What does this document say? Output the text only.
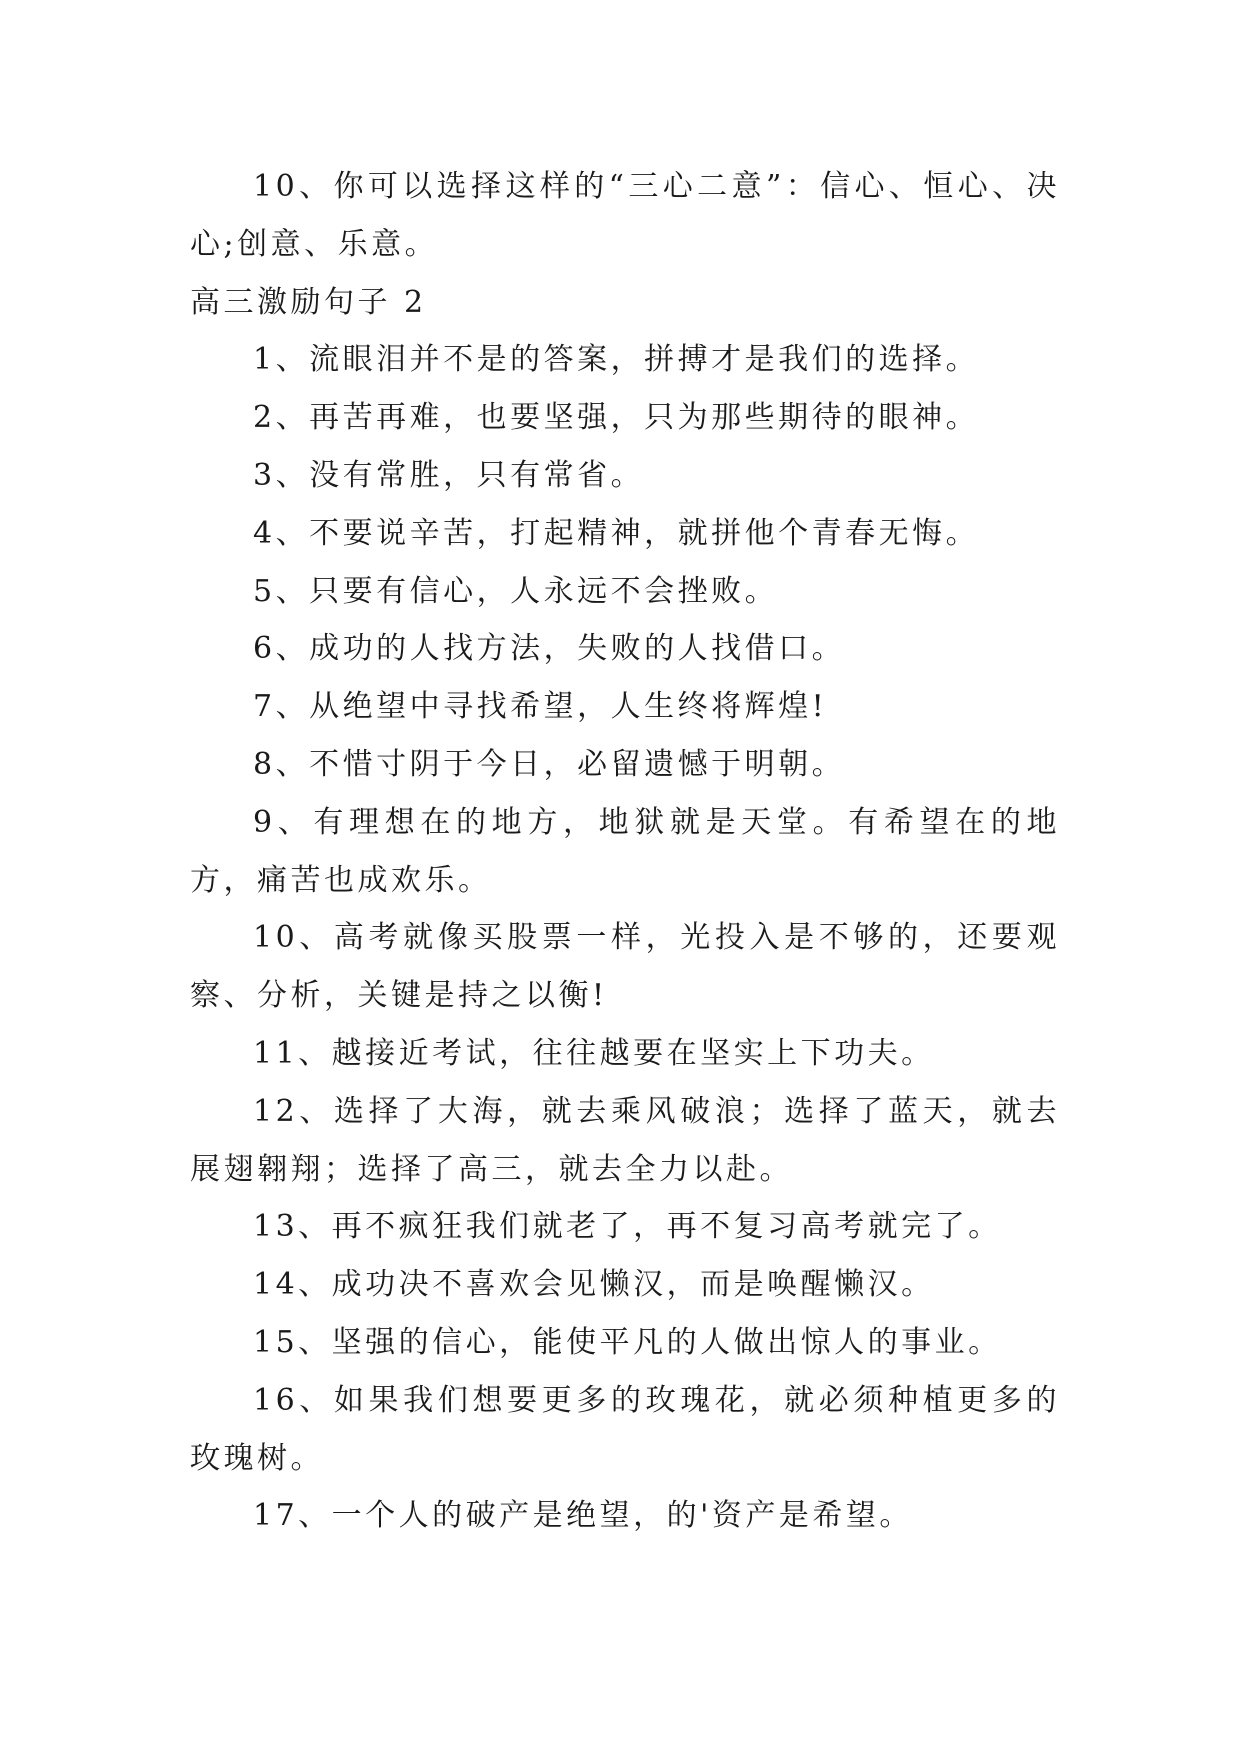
10、你可以选择这样的“三心二意”：信心、恒心、决心;创意、乐意。

高三激励句子 2

1、流眼泪并不是的答案，拼搏才是我们的选择。

2、再苦再难，也要坚强，只为那些期待的眼神。

3、没有常胜，只有常省。

4、不要说辛苦，打起精神，就拼他个青春无悔。

5、只要有信心，人永远不会挫败。

6、成功的人找方法，失败的人找借口。

7、从绝望中寻找希望，人生终将辉煌!

8、不惜寸阴于今日，必留遗憾于明朝。

9、有理想在的地方，地狱就是天堂。有希望在的地方，痛苦也成欢乐。

10、高考就像买股票一样，光投入是不够的，还要观察、分析，关键是持之以衡!

11、越接近考试，往往越要在坚实上下功夫。

12、选择了大海，就去乘风破浪；选择了蓝天，就去展翅翱翔；选择了高三，就去全力以赴。

13、再不疯狂我们就老了，再不复习高考就完了。

14、成功决不喜欢会见懒汉，而是唤醒懒汉。

15、坚强的信心，能使平凡的人做出惊人的事业。

16、如果我们想要更多的玫瑰花，就必须种植更多的玫瑰树。

17、一个人的破产是绝望，的'资产是希望。
